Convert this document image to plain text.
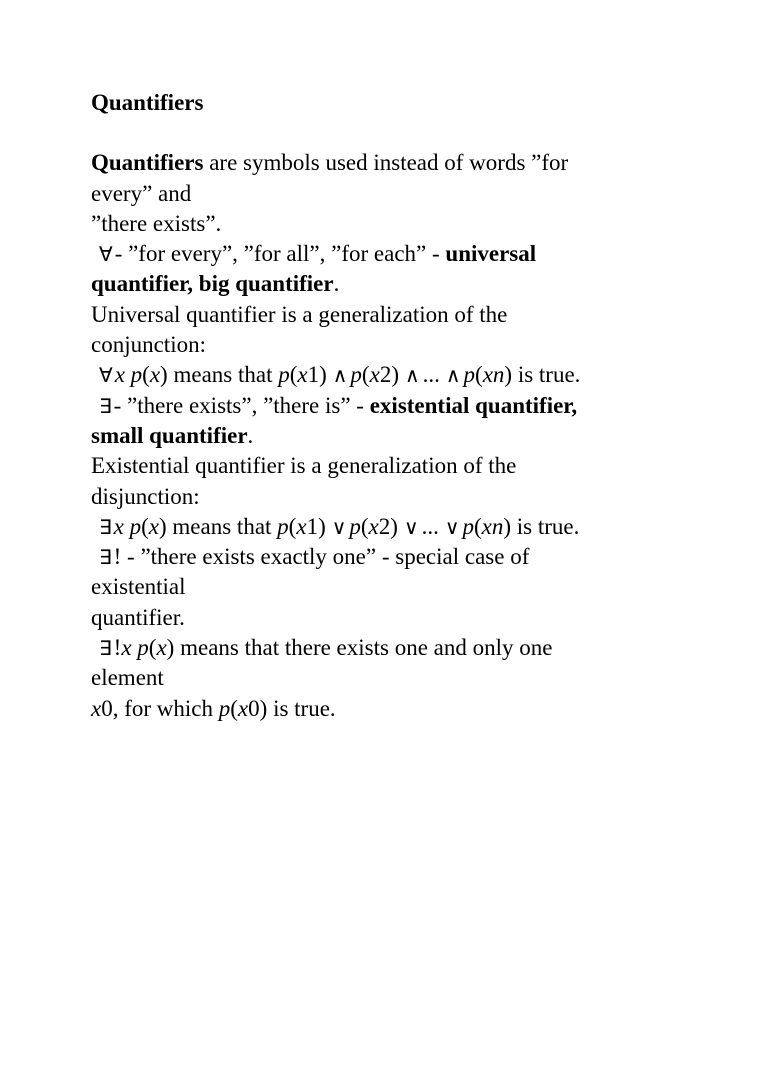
Quantifiers
Quantifiers are symbols used instead of words ”for
every” and
”there exists”.
∀- ”for every”, ”for all”, ”for each” - universal
quantifier, big quantifier.
Universal quantifier is a generalization of the
conjunction:
∀x p(x) means that p(x1) ∧ p(x2) ∧ ... ∧ p(xn) is true.
∃- ”there exists”, ”there is” - existential quantifier,
small quantifier.
Existential quantifier is a generalization of the
disjunction:
∃x p(x) means that p(x1) ∨ p(x2) ∨ ... ∨ p(xn) is true.
∃! - ”there exists exactly one” - special case of
existential
quantifier.
∃!x p(x) means that there exists one and only one
element
x0, for which p(x0) is true.
